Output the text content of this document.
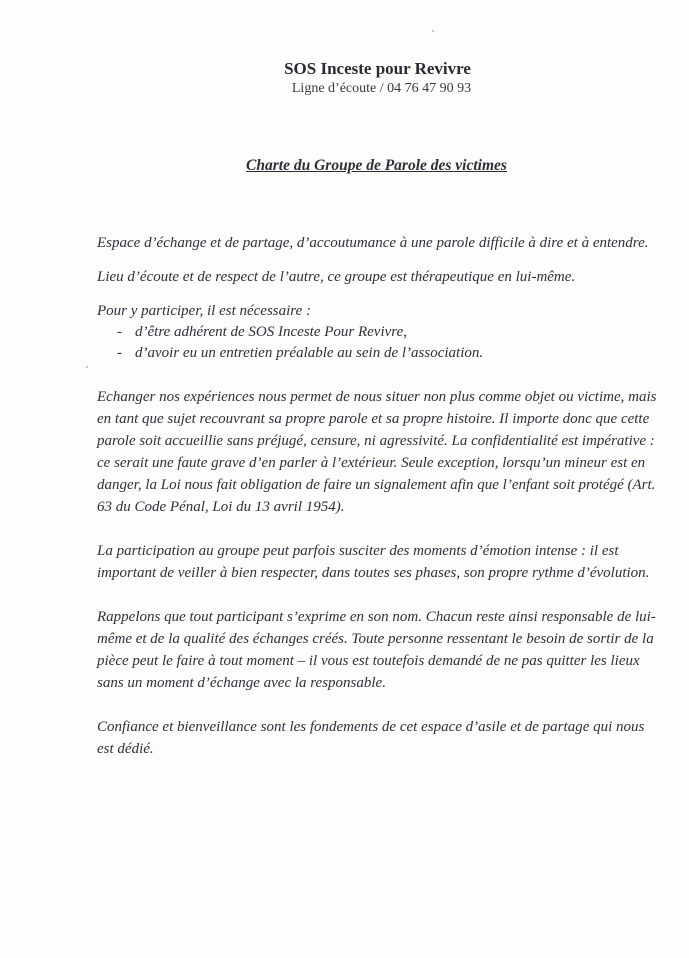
SOS Inceste pour Revivre
Ligne d’écoute / 04 76 47 90 93
Charte du Groupe de Parole des victimes

Espace d’échange et de partage, d’accoutumance à une parole difficile à dire et à entendre.

Lieu d’écoute et de respect de l’autre, ce groupe est thérapeutique en lui-même.

Pour y participer, il est nécessaire :

- d’être adhérent de SOS Inceste Pour Revivre,
- d’avoir eu un entretien préalable au sein de l’association.

Echanger nos expériences nous permet de nous situer non plus comme objet ou victime, mais en tant que sujet recouvrant sa propre parole et sa propre histoire. Il importe donc que cette parole soit accueillie sans préjugé, censure, ni agressivité. La confidentialité est impérative : ce serait une faute grave d’en parler à l’extérieur. Seule exception, lorsqu’un mineur est en danger, la Loi nous fait obligation de faire un signalement afin que l’enfant soit protégé (Art. 63 du Code Pénal, Loi du 13 avril 1954).

La participation au groupe peut parfois susciter des moments d’émotion intense : il est important de veiller à bien respecter, dans toutes ses phases, son propre rythme d’évolution.

Rappelons que tout participant s’exprime en son nom. Chacun reste ainsi responsable de lui-même et de la qualité des échanges créés. Toute personne ressentant le besoin de sortir de la pièce peut le faire à tout moment – il vous est toutefois demandé de ne pas quitter les lieux sans un moment d’échange avec la responsable.

Confiance et bienveillance sont les fondements de cet espace d’asile et de partage qui nous est dédié.
